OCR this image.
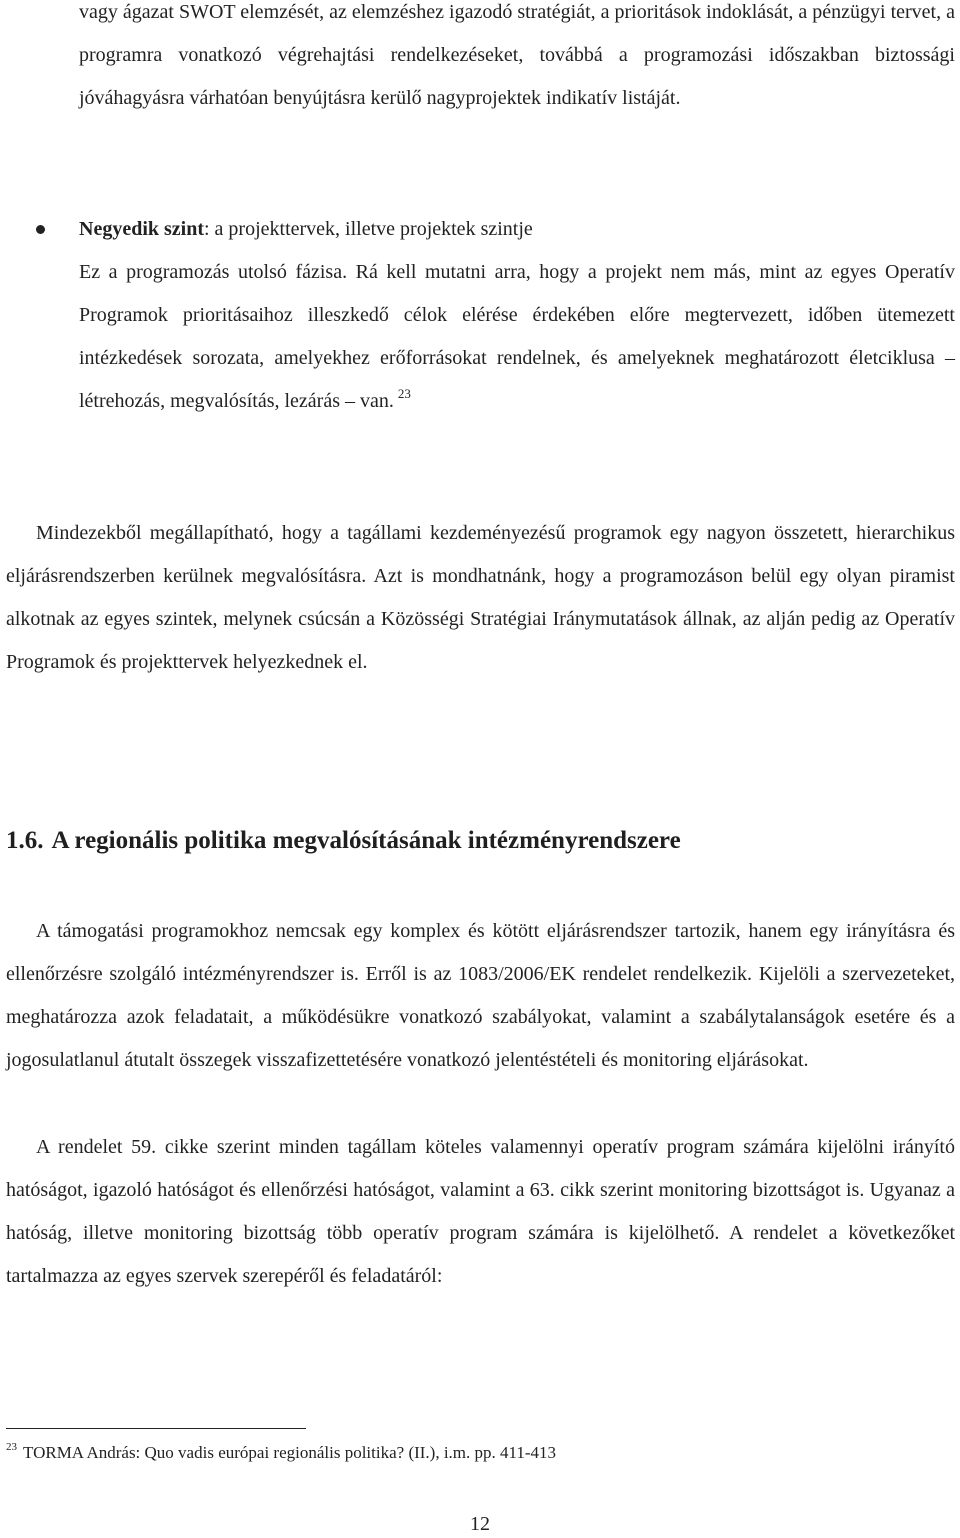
vagy ágazat SWOT elemzését, az elemzéshez igazodó stratégiát, a prioritások indoklását, a pénzügyi tervet, a programra vonatkozó végrehajtási rendelkezéseket, továbbá a programozási időszakban biztossági jóváhagyásra várhatóan benyújtásra kerülő nagyprojektek indikatív listáját.

Negyedik szint: a projekttervek, illetve projektek szintje

Ez a programozás utolsó fázisa. Rá kell mutatni arra, hogy a projekt nem más, mint az egyes Operatív Programok prioritásaihoz illeszkedő célok elérése érdekében előre megtervezett, időben ütemezett intézkedések sorozata, amelyekhez erőforrásokat rendelnek, és amelyeknek meghatározott életciklusa – létrehozás, megvalósítás, lezárás – van. $^{23}$

Mindezekből megállapítható, hogy a tagállami kezdeményezésű programok egy nagyon összetett, hierarchikus eljárásrendszerben kerülnek megvalósításra. Azt is mondhatnánk, hogy a programozáson belül egy olyan piramist alkotnak az egyes szintek, melynek csúcsán a Közösségi Stratégiai Iránymutatások állnak, az alján pedig az Operatív Programok és projekttervek helyezkednek el.

1.6. A regionális politika megvalósításának intézményrendszere

A támogatási programokhoz nemcsak egy komplex és kötött eljárásrendszer tartozik, hanem egy irányításra és ellenőrzésre szolgáló intézményrendszer is. Erről is az 1083/2006/EK rendelet rendelkezik. Kijelöli a szervezeteket, meghatározza azok feladatait, a működésükre vonatkozó szabályokat, valamint a szabálytalanságok esetére és a jogosulatlanul átutalt összegek visszafizettetésére vonatkozó jelentéstételi és monitoring eljárásokat.

A rendelet 59. cikke szerint minden tagállam köteles valamennyi operatív program számára kijelölni irányító hatóságot, igazoló hatóságot és ellenőrzési hatóságot, valamint a 63. cikk szerint monitoring bizottságot is. Ugyanaz a hatóság, illetve monitoring bizottság több operatív program számára is kijelölhető. A rendelet a következőket tartalmazza az egyes szervek szerepéről és feladatáról:

$^{23}$ TORMA András: Quo vadis európai regionális politika? (II.), i.m. pp. 411-413
12
